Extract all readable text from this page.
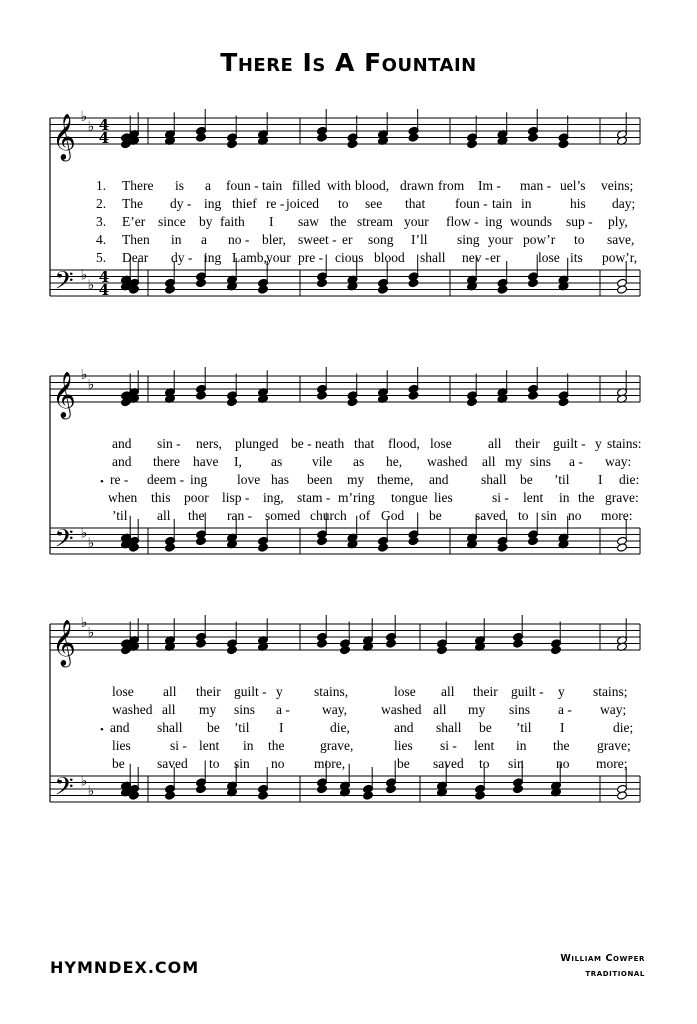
There Is A Fountain
𝄞
𝄢
♭
♭
♭
♭
4
4
4
4
𝄞
𝄢
♭
♭
♭
♭
𝄞
𝄢
♭
♭
♭
♭
1. There is a foun - tain filled with blood, drawn from Im - man - uel’s veins;
2. The dy - ing thief re - joiced to see that foun - tain in	his day;
3. E’er since by faith I saw the stream your flow - ing wounds sup - ply,
4. Then in a no - bler, sweet - er song I’ll sing your pow’r to save,
5. Dear dy - ing Lamb, your pre - cious blood shall nev - er	lose its pow’r,
and sin - ners, plunged be - neath that flood, lose	all their guilt - y stains:
and there have I, as vile as he, washed all my sins a - way:
• re - deem - ing love has been my theme, and shall be ’til I die:
when this poor lisp - ing, stam - m’ring tongue lies	si - lent in the grave:
’til all the ran - somed church of God be saved to sin no more:
lose all their guilt - y stains,	lose all their guilt - y stains;
washed all my sins a - way,	washed all my sins a - way;
• and shall be ’til I	die,	and shall be ’til I	die;
lies	si - lent in the	grave,	lies si - lent in the grave;
be saved to sin no more,	be saved to sin no more;
HYMNDEX.COM	William Cowper
traditional
